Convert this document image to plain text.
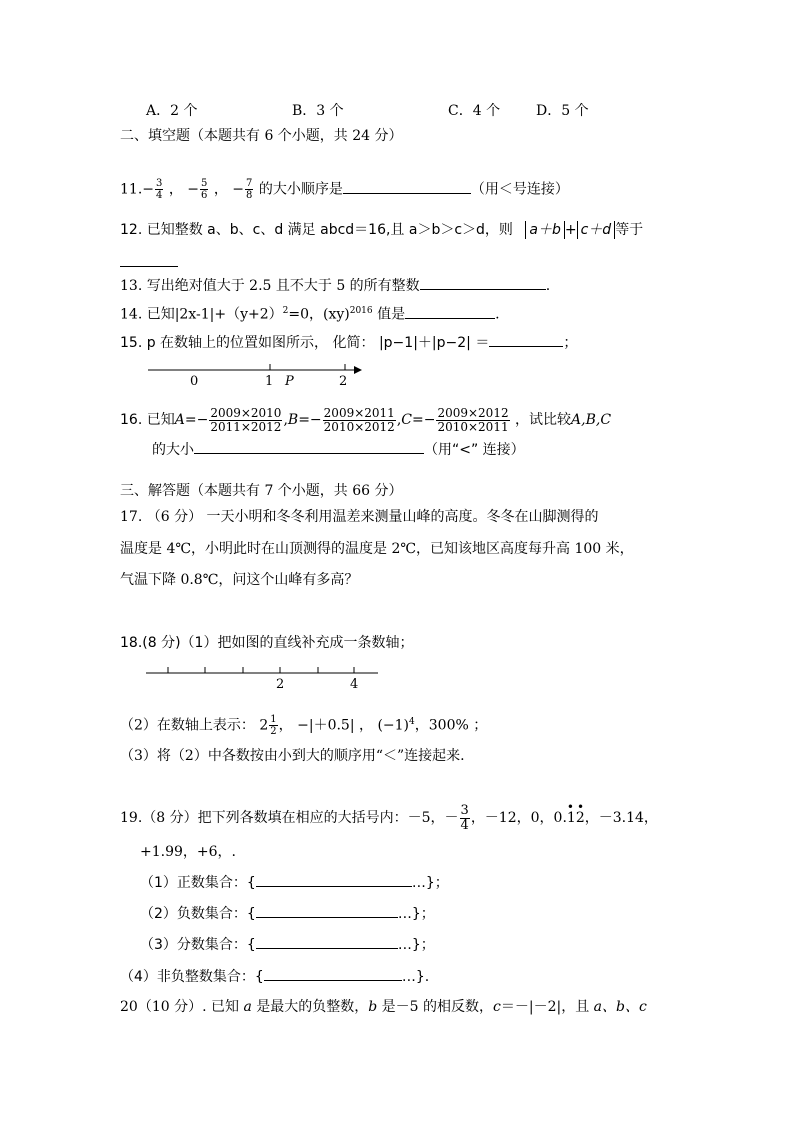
A．2 个	B．3 个	C．4 个	D．5 个
二、填空题（本题共有 6 个小题，共 24 分）
$11.- \frac{3}{4}$ ， − $\frac{5}{6}$ ， − $\frac{7}{8}$ 的大小顺序是	（用＜号连接）
12. 已知整数 a、b、c、d 满足 abcd＝16,且 a＞b＞c＞d，则 a＋b + c＋d 等于
13. 写出绝对值大于 2.5 且不大于 5 的所有整数	.
14. 已知$|2x-1|+(y+2)^2=0$，(xy)$^{2016}$ 值是	.
15. p 在数轴上的位置如图所示， 化简： |p−1|＋|p−2| ＝	；
0	1 P	2
16. 已知$A=- \frac{2009\times 2010}{2011\times 2012} ,B=- \frac{2009\times 2011}{2010\times 2012} ,C=- \frac{2009\times 2012}{2010\times 2011}$ ，试比较A,B,C
的大小	（用“<” 连接）
三、解答题（本题共有 7 个小题，共 66 分）
17. （6 分） 一天小明和冬冬利用温差来测量山峰的高度。冬冬在山脚测得的
温度是 4℃，小明此时在山顶测得的温度是 2℃，已知该地区高度每升高 100 米，
气温下降 0.8℃，问这个山峰有多高？
18.(8 分)（1）把如图的直线补充成一条数轴；
2	4
（2）在数轴上表示： $2 \frac{1}{2}$ ， −|＋0.5| ， $(-1)^4$，300% ；
（3）将（2）中各数按由小到大的顺序用“＜”连接起来.
19.（8 分）把下列各数填在相应的大括号内：－5，－ $\frac{3}{4}$ ，－12，0，0.
••
12，－3.14，
+1.99，+6，.
（1）正数集合：{	…}；
（2）负数集合：{	…}；
（3）分数集合：{	…}；
（4）非负整数集合：{	…}.
20（10 分）. 已知 a 是最大的负整数，b 是－5 的相反数，c＝－|－2|，且 a、b、c
